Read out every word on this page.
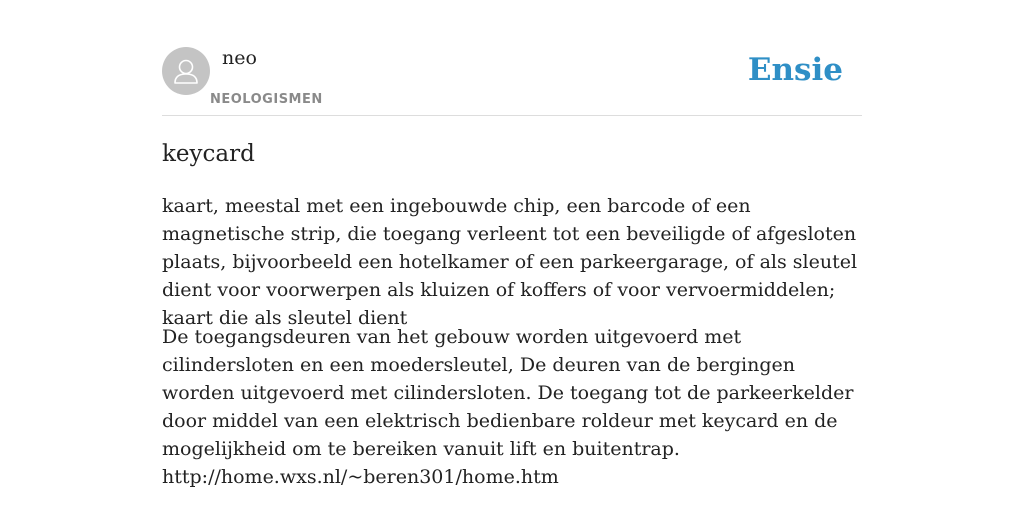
neo
NEOLOGISMEN
Ensie
keycard
kaart, meestal met een ingebouwde chip, een barcode of een magnetische strip, die toegang verleent tot een beveiligde of afgesloten plaats, bijvoorbeeld een hotelkamer of een parkeergarage, of als sleutel dient voor voorwerpen als kluizen of koffers of voor vervoermiddelen; kaart die als sleutel dient
De toegangsdeuren van het gebouw worden uitgevoerd met cilindersloten en een moedersleutel, De deuren van de bergingen worden uitgevoerd met cilindersloten. De toegang tot de parkeerkelder door middel van een elektrisch bedienbare roldeur met keycard en de mogelijkheid om te bereiken vanuit lift en buitentrap.
http://home.wxs.nl/~beren301/home.htm
